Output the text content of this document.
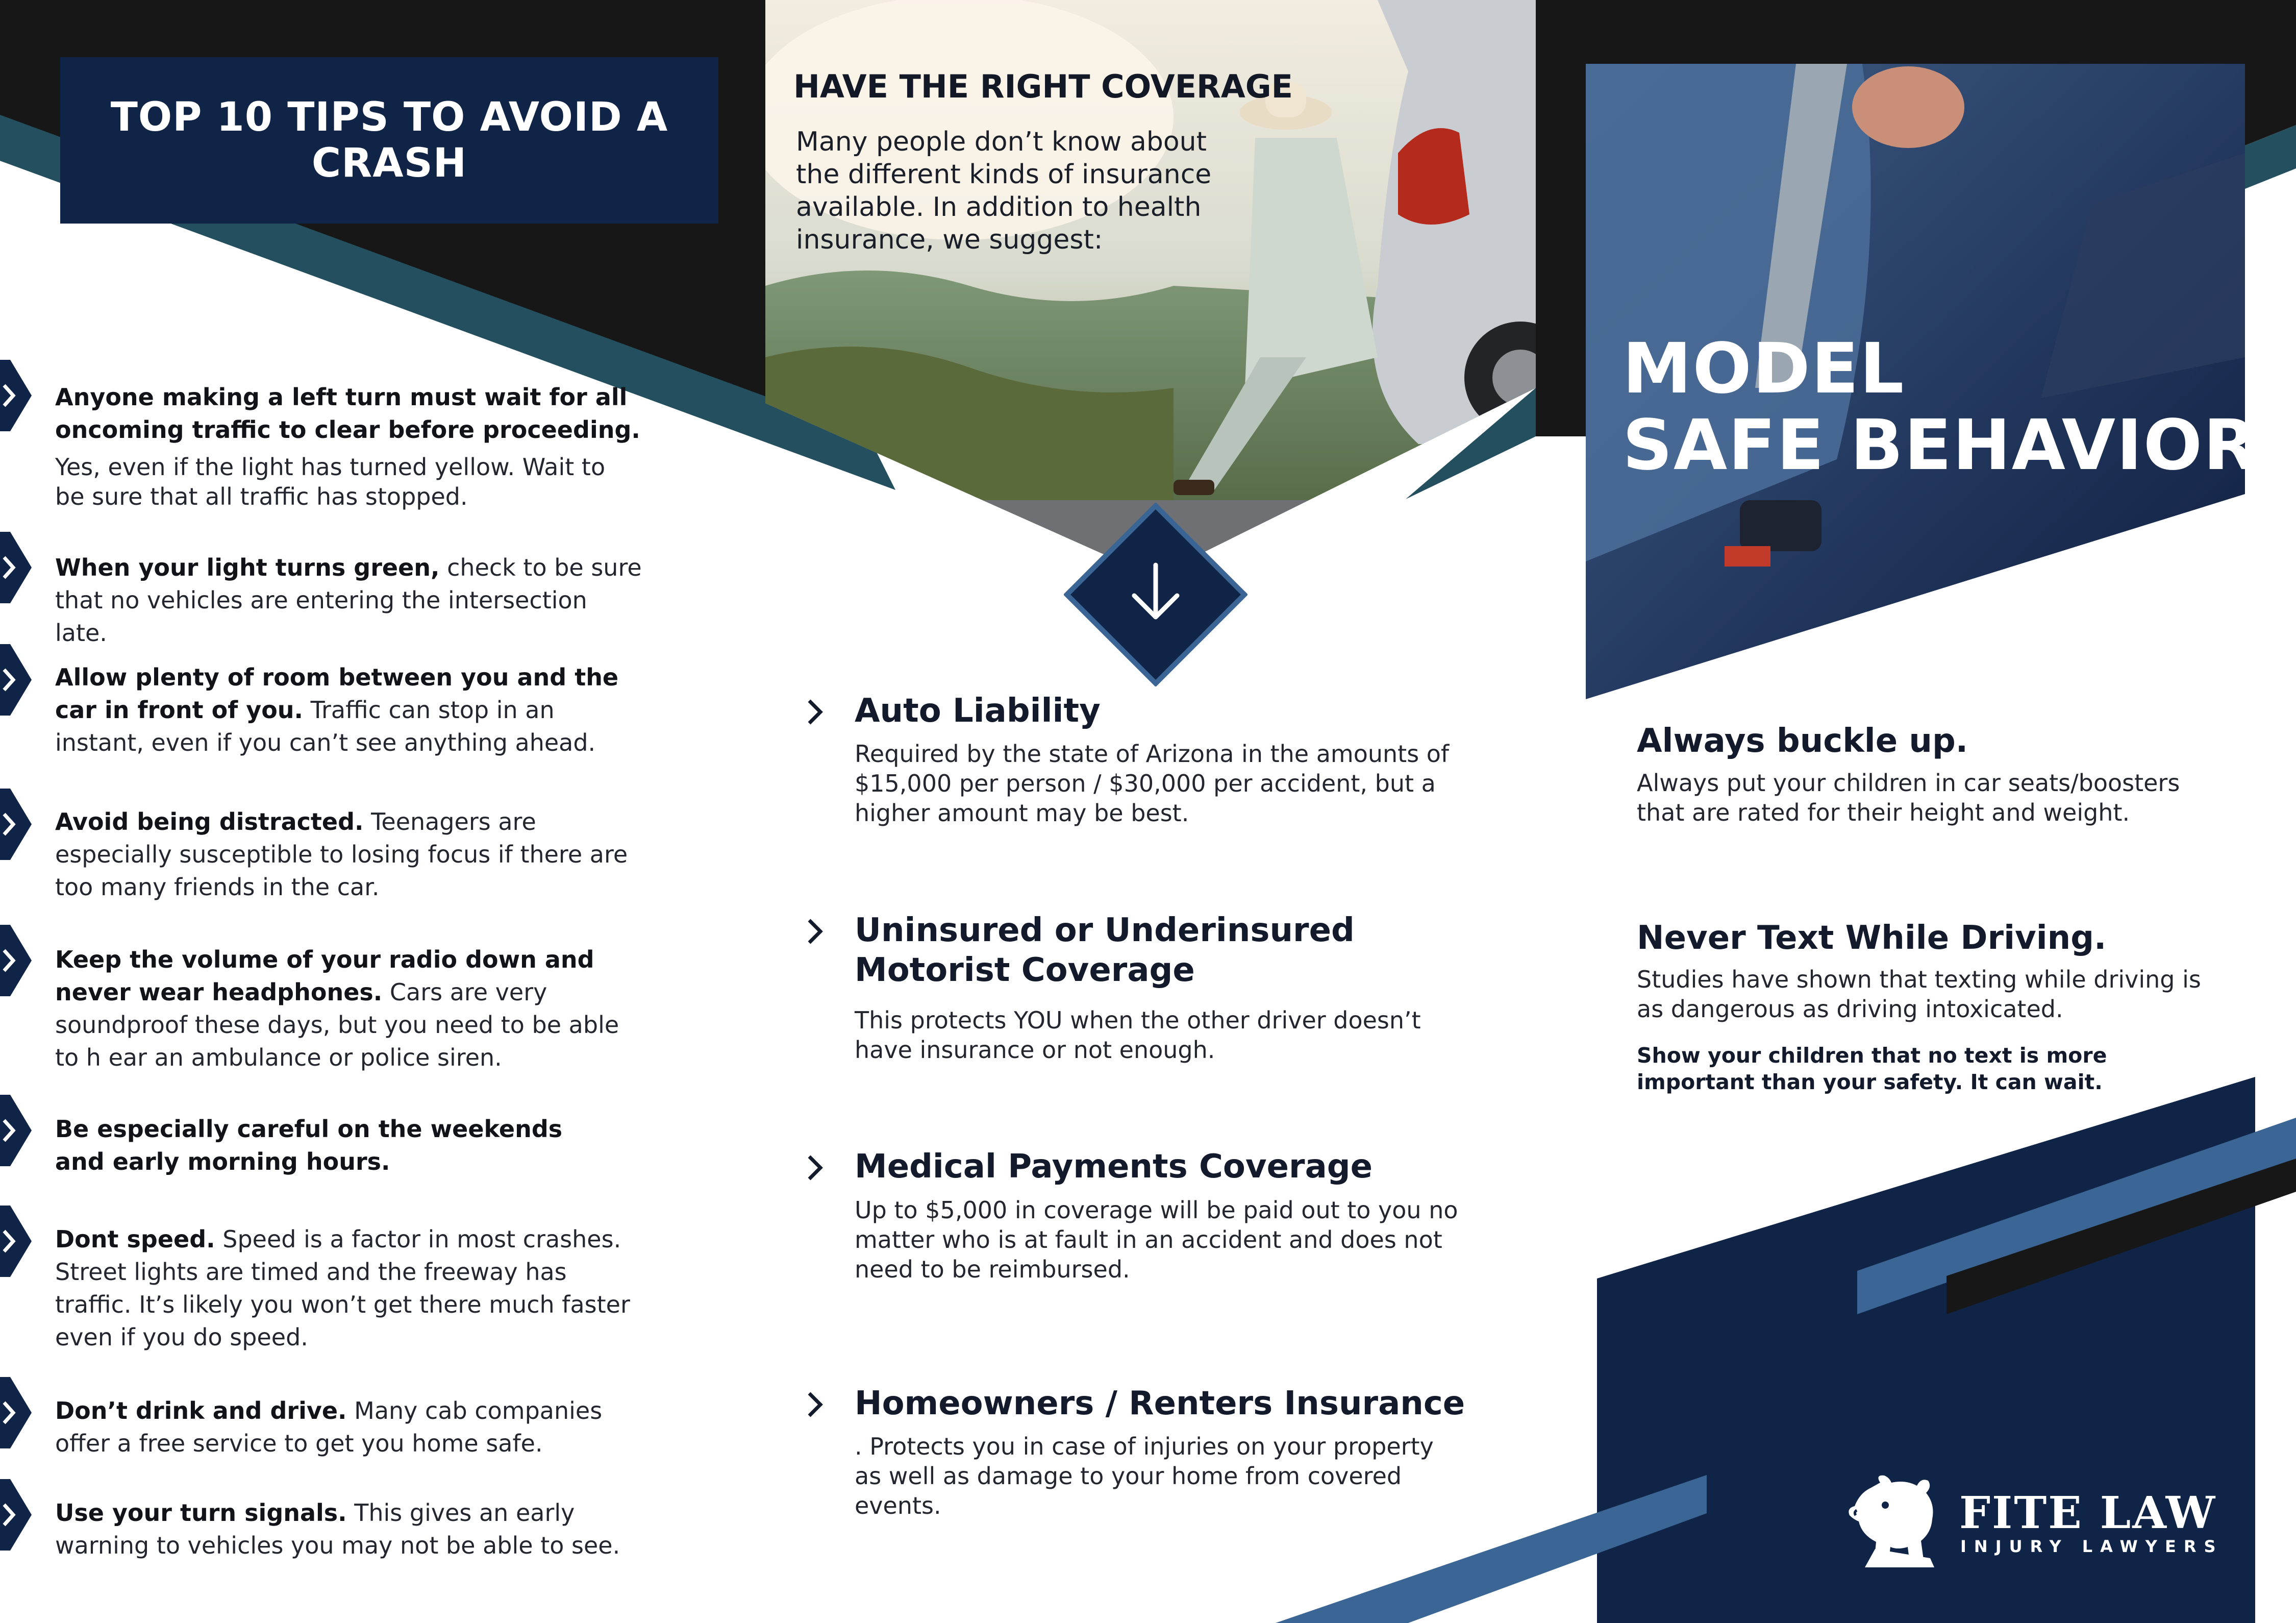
TOP 10 TIPS TO AVOID A CRASH
Anyone making a left turn must wait for all oncoming traffic to clear before proceeding.
Yes, even if the light has turned yellow. Wait to be sure that all traffic has stopped.
When your light turns green, check to be sure that no vehicles are entering the intersection late.
Allow plenty of room between you and the car in front of you. Traffic can stop in an instant, even if you can’t see anything ahead.
Avoid being distracted. Teenagers are especially susceptible to losing focus if there are too many friends in the car.
Keep the volume of your radio down and never wear headphones. Cars are very soundproof these days, but you need to be able to h ear an ambulance or police siren.
Be especially careful on the weekends and early morning hours.
Dont speed. Speed is a factor in most crashes. Street lights are timed and the freeway has traffic. It’s likely you won’t get there much faster even if you do speed.
Don’t drink and drive. Many cab companies offer a free service to get you home safe.
Use your turn signals. This gives an early warning to vehicles you may not be able to see.
HAVE THE RIGHT COVERAGE
Many people don’t know about the different kinds of insurance available. In addition to health insurance, we suggest:
Auto Liability
Required by the state of Arizona in the amounts of $15,000 per person / $30,000 per accident, but a higher amount may be best.
Uninsured or Underinsured Motorist Coverage
This protects YOU when the other driver doesn’t have insurance or not enough.
Medical Payments Coverage
Up to $5,000 in coverage will be paid out to you no matter who is at fault in an accident and does not need to be reimbursed.
Homeowners / Renters Insurance
. Protects you in case of injuries on your property as well as damage to your home from covered events.
MODEL
SAFE BEHAVIOR
Always buckle up.
Always put your children in car seats/boosters that are rated for their height and weight.
Never Text While Driving.
Studies have shown that texting while driving is as dangerous as driving intoxicated.
Show your children that no text is more important than your safety. It can wait.
FITE LAW
INJURY LAWYERS
